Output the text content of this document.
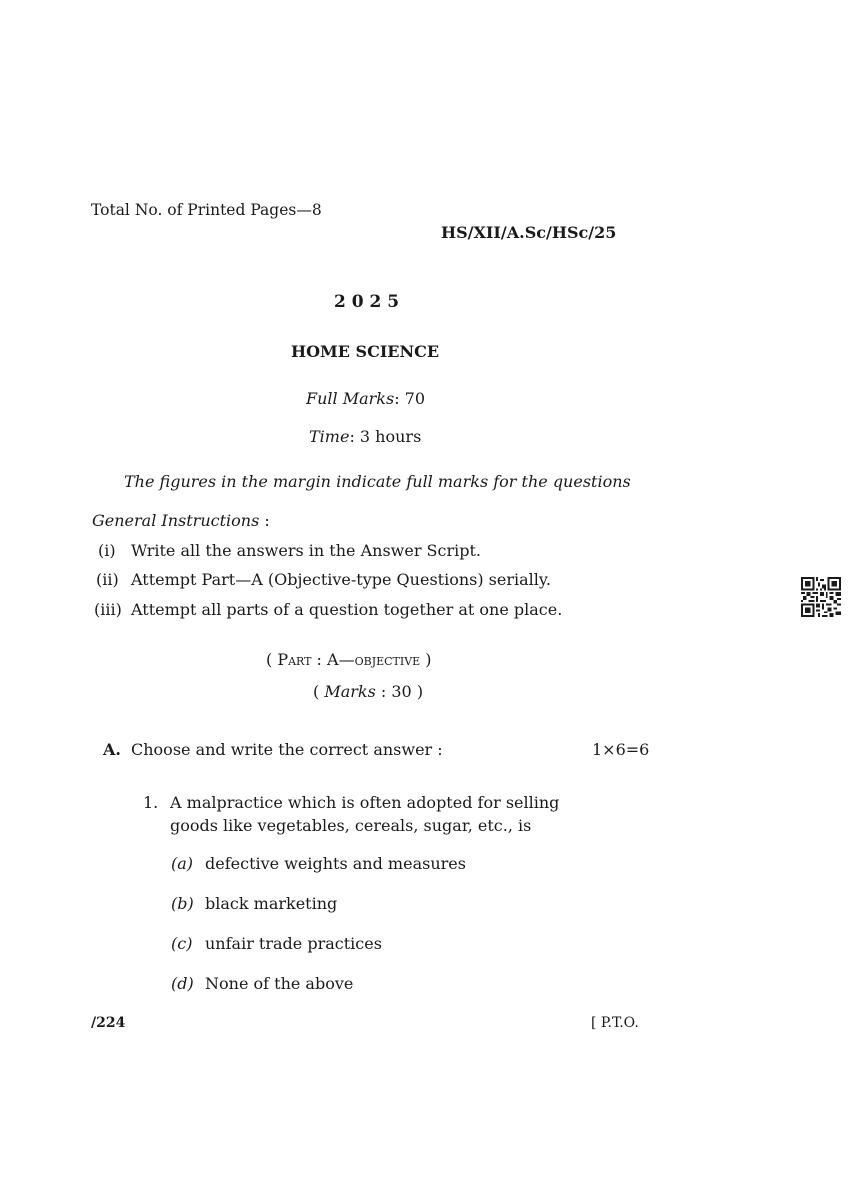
Total No. of Printed Pages—8
HS/XII/A.Sc/HSc/25
2 0 2 5
HOME SCIENCE
Full Marks: 70
Time: 3 hours
The figures in the margin indicate full marks for the questions
General Instructions :
(i) Write all the answers in the Answer Script.
(ii) Attempt Part—A (Objective-type Questions) serially.
(iii) Attempt all parts of a question together at one place.
( Part : A—objective )
( Marks : 30 )
A. Choose and write the correct answer :	1×6=6
1. A malpractice which is often adopted for selling
goods like vegetables, cereals, sugar, etc., is
(a) defective weights and measures
(b) black marketing
(c) unfair trade practices
(d) None of the above
/224	[ P.T.O.
